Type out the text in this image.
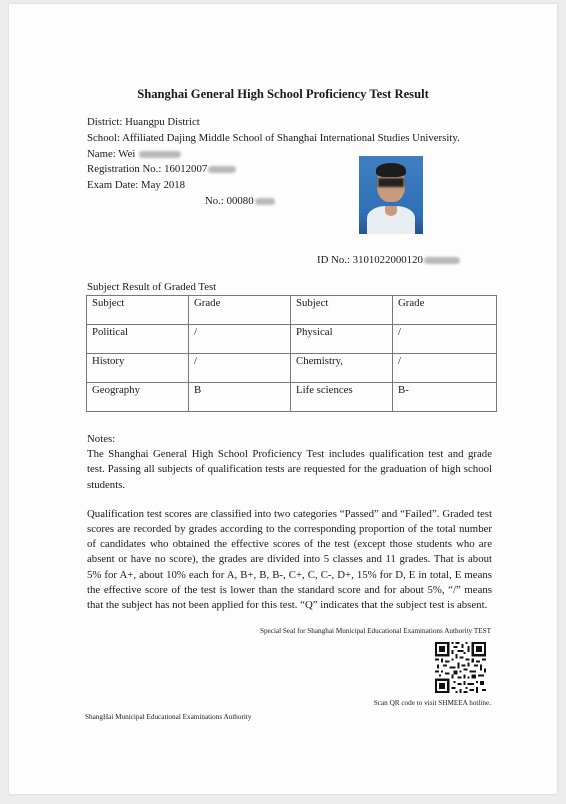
Shanghai General High School Proficiency Test Result
District: Huangpu District
School: Affiliated Dajing Middle School of Shanghai International Studies University.
Name: Wei
Registration No.: 16012007
Exam Date: May 2018
No.: 00080
ID No.: 3101022000120
Subject Result of Graded Test
Subject	Grade	Subject	Grade
Political	/	Physical	/
History	/	Chemistry,	/
Geography	B	Life sciences	B-

Notes:

The Shanghai General High School Proficiency Test includes qualification test and grade test. Passing all subjects of qualification tests are requested for the graduation of high school students.

Qualification test scores are classified into two categories “Passed” and “Failed”. Graded test scores are recorded by grades according to the corresponding proportion of the total number of candidates who obtained the effective scores of the test (except those students who are absent or have no score), the grades are divided into 5 classes and 11 grades. That is about 5% for A+, about 10% each for A, B+, B, B-, C+, C, C-, D+, 15% for D, E in total, E means the effective score of the test is lower than the standard score and for about 5%, “/” means that the subject has not been applied for this test. “Q” indicates that the subject test is absent.

Special Seal for Shanghai Municipal Educational Examinations Authority TEST
Scan QR code to visit SHMEEA hotline.
ShangHai Municipal Educational Examinations Authority
